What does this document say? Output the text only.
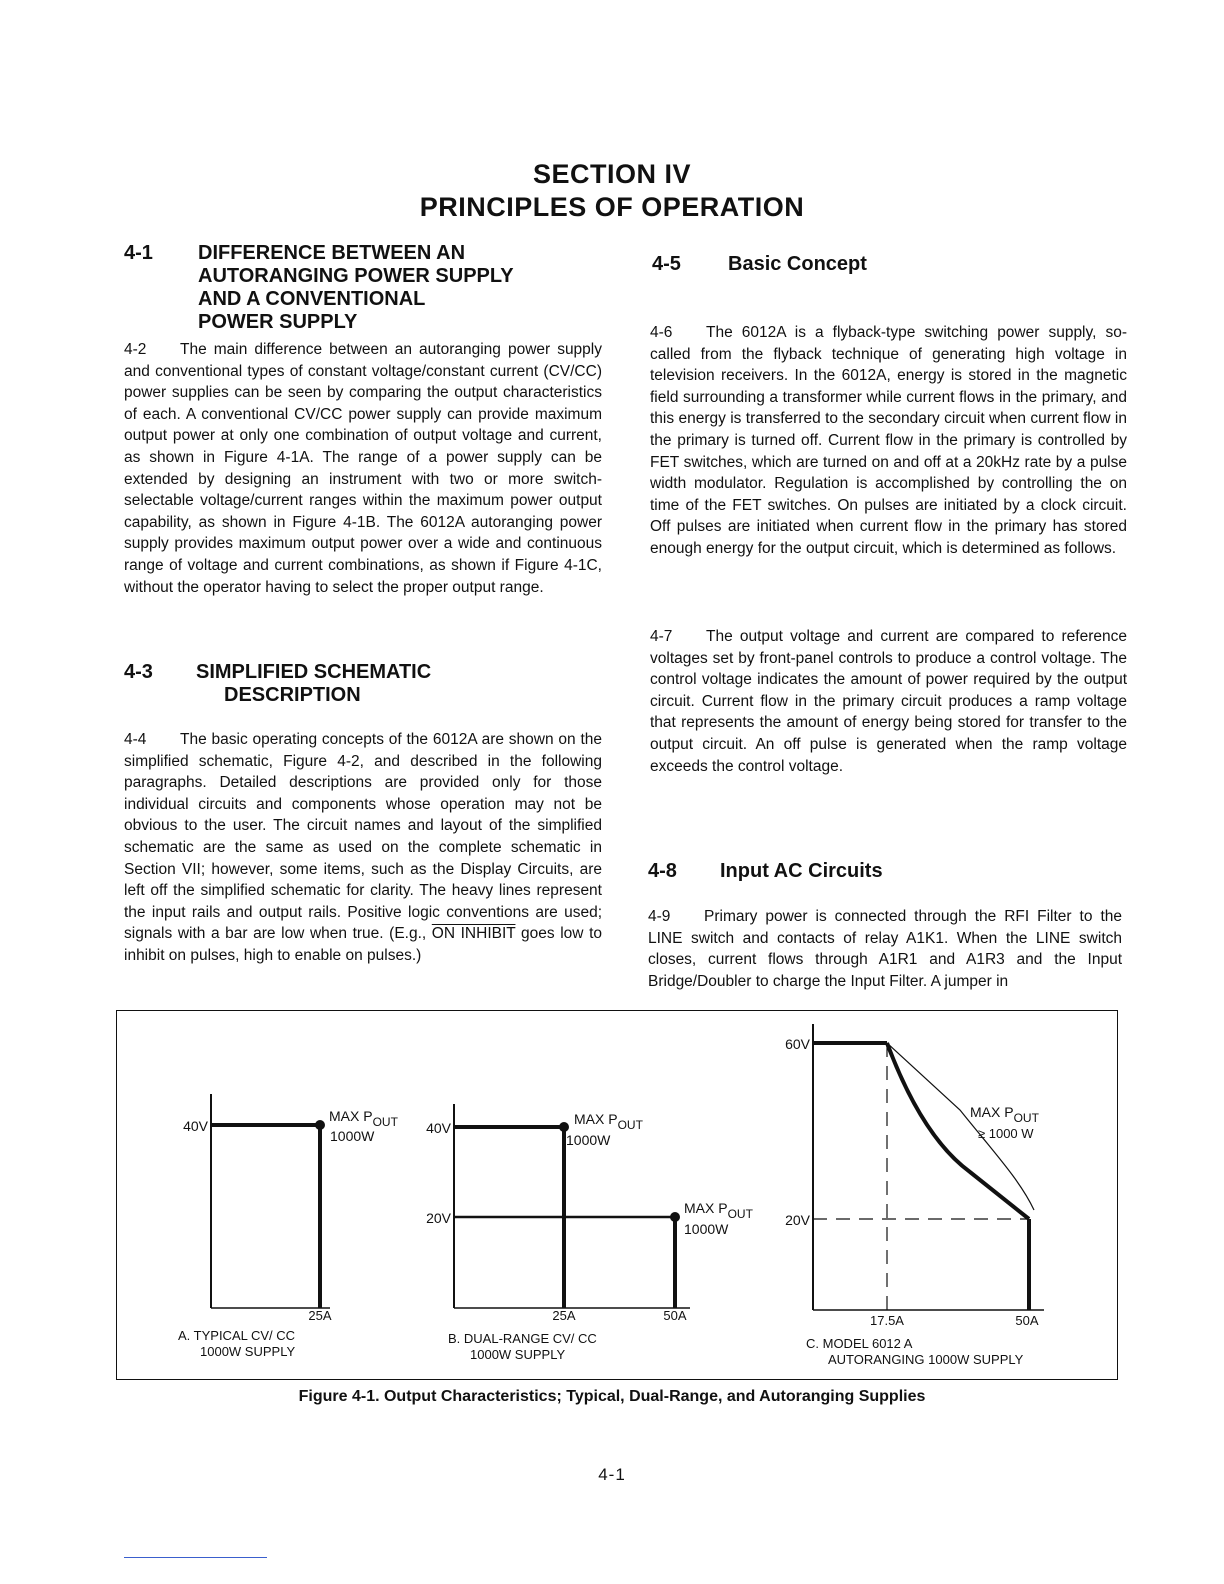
SECTION IV
PRINCIPLES OF OPERATION
4-1 DIFFERENCE BETWEEN AN
AUTORANGING POWER SUPPLY
AND A CONVENTIONAL
POWER SUPPLY

4-2 The main difference between an autoranging power supply and conventional types of constant voltage/constant current (CV/CC) power supplies can be seen by comparing the output characteristics of each. A conventional CV/CC power supply can provide maximum output power at only one combination of output voltage and current, as shown in Figure 4-1A. The range of a power supply can be extended by designing an instrument with two or more switch-selectable voltage/current ranges within the maximum power output capability, as shown in Figure 4-1B. The 6012A autoranging power supply provides maximum output power over a wide and continuous range of voltage and current combinations, as shown if Figure 4-1C, without the operator having to select the proper output range.

4-3 SIMPLIFIED SCHEMATIC
DESCRIPTION

4-4 The basic operating concepts of the 6012A are shown on the simplified schematic, Figure 4-2, and described in the following paragraphs. Detailed descriptions are provided only for those individual circuits and components whose operation may not be obvious to the user. The circuit names and layout of the simplified schematic are the same as used on the complete schematic in Section VII; however, some items, such as the Display Circuits, are left off the simplified schematic for clarity. The heavy lines represent the input rails and output rails. Positive logic conventions are used; signals with a bar are low when true. (E.g., ON INHIBIT goes low to inhibit on pulses, high to enable on pulses.)

4-5 Basic Concept

4-6 The 6012A is a flyback-type switching power supply, so-called from the flyback technique of generating high voltage in television receivers. In the 6012A, energy is stored in the magnetic field surrounding a transformer while current flows in the primary, and this energy is transferred to the secondary circuit when current flow in the primary is turned off. Current flow in the primary is controlled by FET switches, which are turned on and off at a 20kHz rate by a pulse width modulator. Regulation is accomplished by controlling the on time of the FET switches. On pulses are initiated by a clock circuit. Off pulses are initiated when current flow in the primary has stored enough energy for the output circuit, which is determined as follows.

4-7 The output voltage and current are compared to reference voltages set by front-panel controls to produce a control voltage. The control voltage indicates the amount of power required by the output circuit. Current flow in the primary circuit produces a ramp voltage that represents the amount of energy being stored for transfer to the output circuit. An off pulse is generated when the ramp voltage exceeds the control voltage.

4-8 Input AC Circuits

4-9 Primary power is connected through the RFI Filter to the LINE switch and contacts of relay A1K1. When the LINE switch closes, current flows through A1R1 and A1R3 and the Input Bridge/Doubler to charge the Input Filter. A jumper in

40V
25A
MAX POUT
1000W
A. TYPICAL CV/ CC
1000W SUPPLY
40V
20V
25A	50A
MAX POUT
1000W
MAX POUT
1000W
B. DUAL-RANGE CV/ CC
1000W SUPPLY
60V
20V
17.5A	50A
MAX POUT
≥ 1000 W
C. MODEL 6012 A
AUTORANGING 1000W SUPPLY
Figure 4-1. Output Characteristics; Typical, Dual-Range, and Autoranging Supplies
4-1
